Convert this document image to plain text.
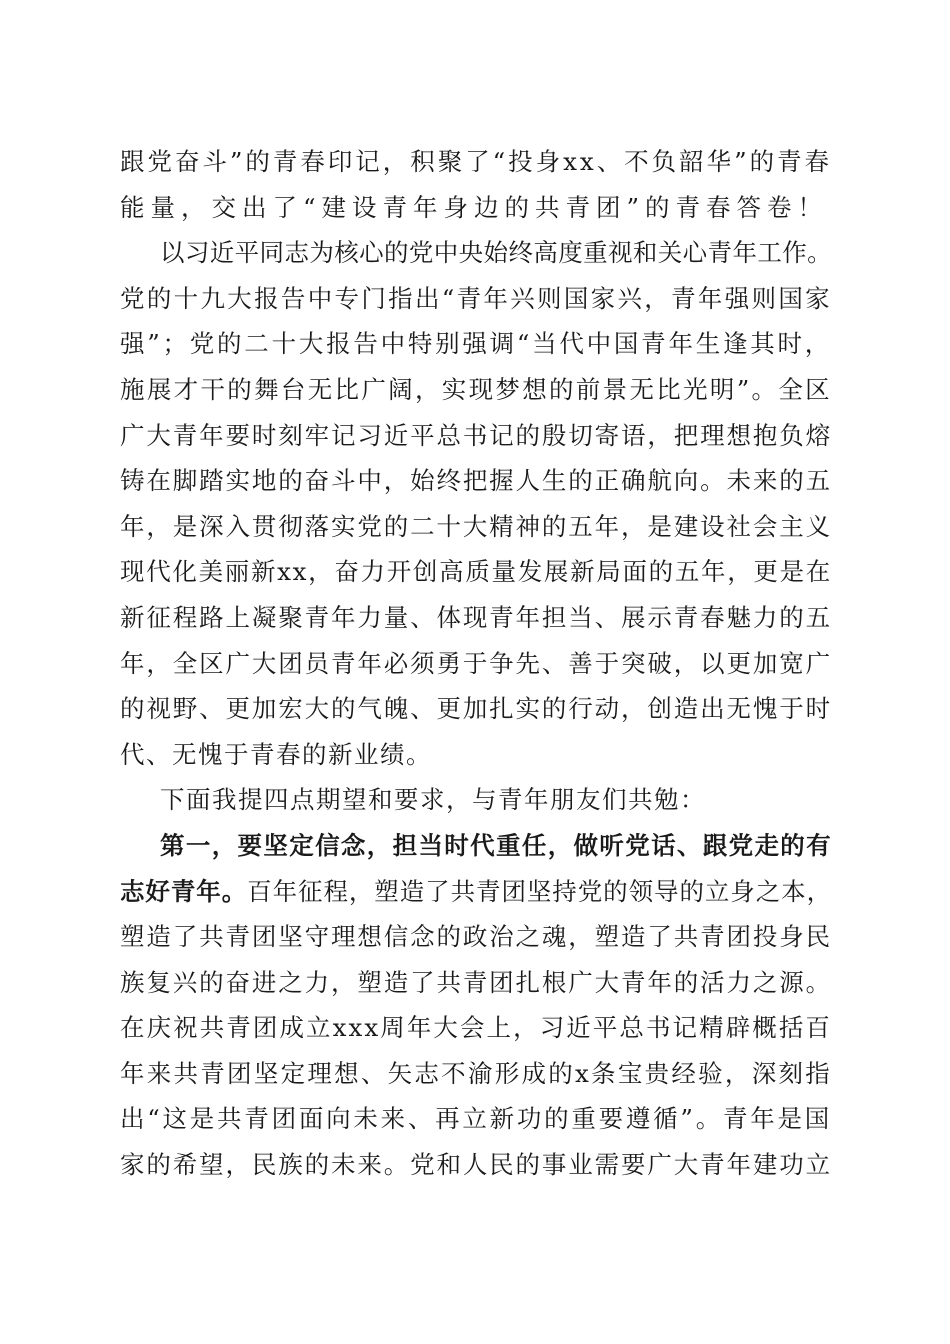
跟党奋斗”的青春印记，积聚了“投身xx、不负韶华”的青春
能量，交出了“建设青年身边的共青团”的青春答卷！
以习近平同志为核心的党中央始终高度重视和关心青年工作。
党的十九大报告中专门指出“青年兴则国家兴，青年强则国家
强”；党的二十大报告中特别强调“当代中国青年生逢其时，
施展才干的舞台无比广阔，实现梦想的前景无比光明”。全区
广大青年要时刻牢记习近平总书记的殷切寄语，把理想抱负熔
铸在脚踏实地的奋斗中，始终把握人生的正确航向。未来的五
年，是深入贯彻落实党的二十大精神的五年，是建设社会主义
现代化美丽新xx，奋力开创高质量发展新局面的五年，更是在
新征程路上凝聚青年力量、体现青年担当、展示青春魅力的五
年，全区广大团员青年必须勇于争先、善于突破，以更加宽广
的视野、更加宏大的气魄、更加扎实的行动，创造出无愧于时
代、无愧于青春的新业绩。
下面我提四点期望和要求，与青年朋友们共勉：
第一，要坚定信念，担当时代重任，做听党话、跟党走的有
志好青年。百年征程，塑造了共青团坚持党的领导的立身之本，
塑造了共青团坚守理想信念的政治之魂，塑造了共青团投身民
族复兴的奋进之力，塑造了共青团扎根广大青年的活力之源。
在庆祝共青团成立xxx周年大会上，习近平总书记精辟概括百
年来共青团坚定理想、矢志不渝形成的x条宝贵经验，深刻指
出“这是共青团面向未来、再立新功的重要遵循”。青年是国
家的希望，民族的未来。党和人民的事业需要广大青年建功立
